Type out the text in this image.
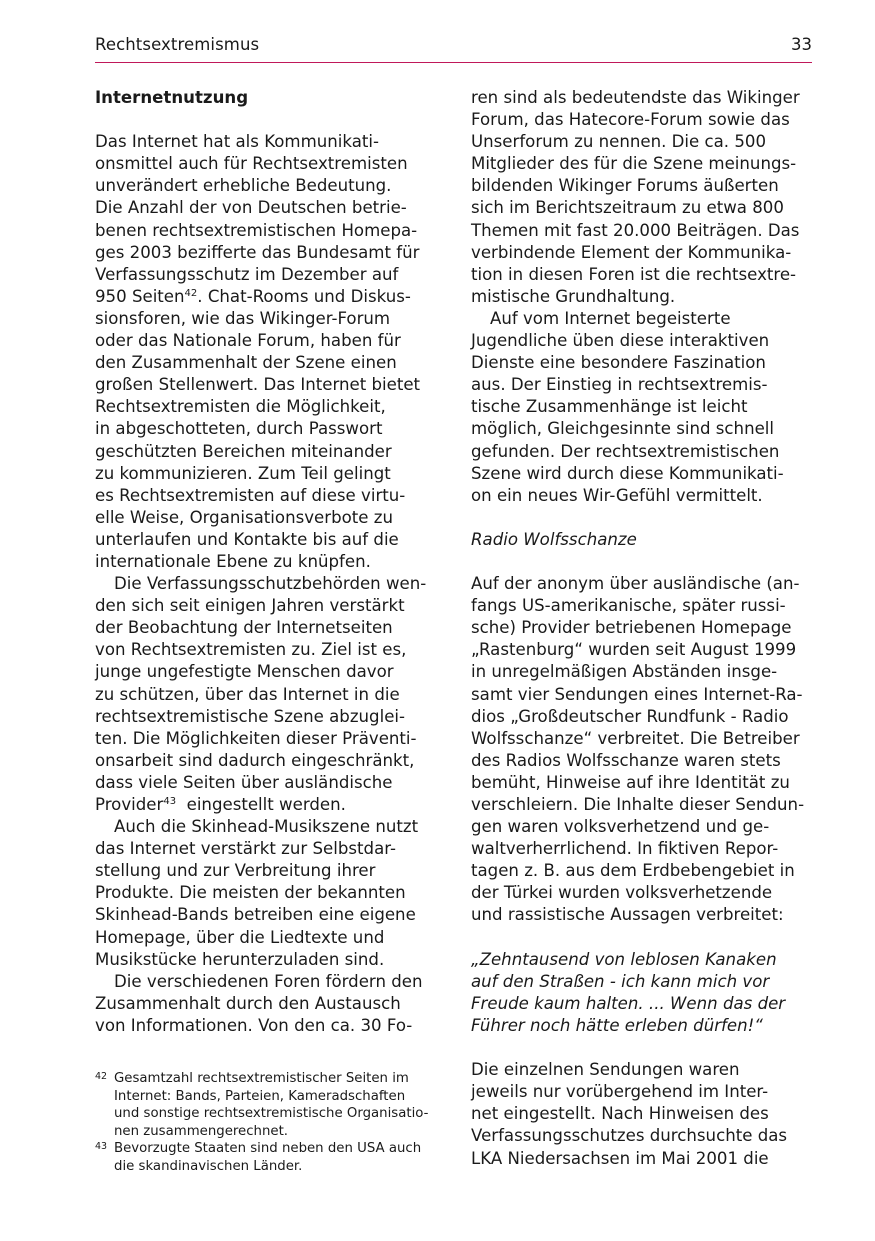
Rechtsextremismus	33
Internetnutzung
Das Internet hat als Kommunikati-
onsmittel auch für Rechtsextremisten
unverändert erhebliche Bedeutung.
Die Anzahl der von Deutschen betrie-
benen rechtsextremistischen Homepa-
ges 2003 bezifferte das Bundesamt für
Verfassungsschutz im Dezember auf
950 Seiten$^{42}$. Chat-Rooms und Diskus-
sionsforen, wie das Wikinger-Forum
oder das Nationale Forum, haben für
den Zusammenhalt der Szene einen
großen Stellenwert. Das Internet bietet
Rechtsextremisten die Möglichkeit,
in abgeschotteten, durch Passwort
geschützten Bereichen miteinander
zu kommunizieren. Zum Teil gelingt
es Rechtsextremisten auf diese virtu-
elle Weise, Organisationsverbote zu
unterlaufen und Kontakte bis auf die
internationale Ebene zu knüpfen.
Die Verfassungsschutzbehörden wen-
den sich seit einigen Jahren verstärkt
der Beobachtung der Internetseiten
von Rechtsextremisten zu. Ziel ist es,
junge ungefestigte Menschen davor
zu schützen, über das Internet in die
rechtsextremistische Szene abzuglei-
ten. Die Möglichkeiten dieser Präventi-
onsarbeit sind dadurch eingeschränkt,
dass viele Seiten über ausländische
Provider$^{43}$  eingestellt werden.
Auch die Skinhead-Musikszene nutzt
das Internet verstärkt zur Selbstdar-
stellung und zur Verbreitung ihrer
Produkte. Die meisten der bekannten
Skinhead-Bands betreiben eine eigene
Homepage, über die Liedtexte und
Musikstücke herunterzuladen sind.
Die verschiedenen Foren fördern den
Zusammenhalt durch den Austausch
von Informationen. Von den ca. 30 Fo-
42 Gesamtzahl rechtsextremistischer Seiten im
Internet: Bands, Parteien, Kameradschaften
und sonstige rechtsextremistische Organisatio-
nen zusammengerechnet.
43 Bevorzugte Staaten sind neben den USA auch
die skandinavischen Länder.
ren sind als bedeutendste das Wikinger
Forum, das Hatecore-Forum sowie das
Unserforum zu nennen. Die ca. 500
Mitglieder des für die Szene meinungs-
bildenden Wikinger Forums äußerten
sich im Berichtszeitraum zu etwa 800
Themen mit fast 20.000 Beiträgen. Das
verbindende Element der Kommunika-
tion in diesen Foren ist die rechtsextre-
mistische Grundhaltung.
Auf vom Internet begeisterte
Jugendliche üben diese interaktiven
Dienste eine besondere Faszination
aus. Der Einstieg in rechtsextremis-
tische Zusammenhänge ist leicht
möglich, Gleichgesinnte sind schnell
gefunden. Der rechtsextremistischen
Szene wird durch diese Kommunikati-
on ein neues Wir-Gefühl vermittelt.
Radio Wolfsschanze
Auf der anonym über ausländische (an-
fangs US-amerikanische, später russi-
sche) Provider betriebenen Homepage
„Rastenburg“ wurden seit August 1999
in unregelmäßigen Abständen insge-
samt vier Sendungen eines Internet-Ra-
dios „Großdeutscher Rundfunk - Radio
Wolfsschanze“ verbreitet. Die Betreiber
des Radios Wolfsschanze waren stets
bemüht, Hinweise auf ihre Identität zu
verschleiern. Die Inhalte dieser Sendun-
gen waren volksverhetzend und ge-
waltverherrlichend. In fiktiven Repor-
tagen z. B. aus dem Erdbebengebiet in
der Türkei wurden volksverhetzende
und rassistische Aussagen verbreitet:
„Zehntausend von leblosen Kanaken
auf den Straßen - ich kann mich vor
Freude kaum halten. ... Wenn das der
Führer noch hätte erleben dürfen!“
Die einzelnen Sendungen waren
jeweils nur vorübergehend im Inter-
net eingestellt. Nach Hinweisen des
Verfassungsschutzes durchsuchte das
LKA Niedersachsen im Mai 2001 die
